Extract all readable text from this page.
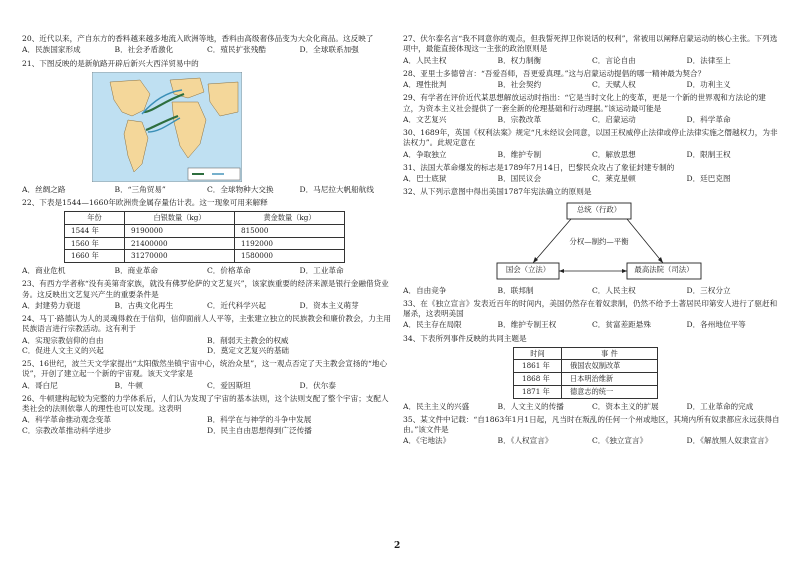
20、近代以来，产自东方的香料越来越多地流入欧洲等地，香料由高级奢侈品变为大众化商品。这反映了
A．民族国家形成	B．社会矛盾激化	C．殖民扩张残酷	D．全球联系加强
21、下图反映的是新航路开辟后新兴大西洋贸易中的
A．丝绸之路	B．“三角贸易”	C．全球物种大交换	D．马尼拉大帆船航线
22、下表是1544—1660年欧洲贵金属存量估计表。这一现象可用来解释
年份	白银数量（kg）	黄金数量（kg）
1544 年	9190000	815000
1560 年	21400000	1192000
1660 年	31270000	1580000
A．商业危机	B．商业革命	C．价格革命	D．工业革命
23、有西方学者称“没有美第奇家族，就没有佛罗伦萨的文艺复兴”，该家族重要的经济来源是银行金融借贷业务。这反映出文艺复兴产生的重要条件是
A．封建势力衰退	B．古典文化再生	C．近代科学兴起	D．资本主义萌芽
24、马丁·路德认为人的灵魂得救在于信仰，信仰面前人人平等，主张建立独立的民族教会和廉价教会，力主用民族语言进行宗教活动。这有利于
A．实现宗教信仰的自由	B．削弱天主教会的权威
C．促进人文主义的兴起	D．奠定文艺复兴的基础
25、16世纪，波兰天文学家提出“太阳傲然坐镇宇宙中心，统治众星”，这一观点否定了天主教会宣扬的“地心说”，开创了建立起一个新的宇宙观。该天文学家是
A．哥白尼	B．牛顿	C．爱因斯坦	D．伏尔泰
26、牛顿建构起较为完整的力学体系后，人们认为发现了宇宙的基本法则，这个法则支配了整个宇宙；支配人类社会的法则依靠人的理性也可以发现。这表明
A．科学革命推动观念变革	B．科学在与神学的斗争中发展
C．宗教改革推动科学进步	D．民主自由思想得到广泛传播
27、伏尔泰名言“我不同意你的观点，但我誓死捍卫你说话的权利”，常被用以阐释启蒙运动的核心主张。下列选项中，最能直接体现这一主张的政治原则是
A．人民主权	B．权力制衡	C．言论自由	D．法律至上
28、亚里士多德曾言：“吾爱吾师，吾更爱真理。”这与启蒙运动提倡的哪一精神最为契合？
A．理性批判	B．社会契约	C．天赋人权	D．功利主义
29、有学者在评价近代某思想解放运动时指出：“它是当时文化上的变革，更是一个新的世界观和方法论的建立，为资本主义社会提供了一套全新的伦理基础和行动理据。”该运动最可能是
A．文艺复兴	B．宗教改革	C．启蒙运动	D．科学革命
30、1689年，英国《权利法案》规定“凡未经议会同意，以国王权威停止法律或停止法律实施之僭越权力，为非法权力”。此规定意在
A．争取独立	B．维护专制	C．解放思想	D．限制王权
31、法国大革命爆发的标志是1789年7月14日，巴黎民众攻占了象征封建专制的
A．巴士底狱	B．国民议会	C．莱克星顿	D．廷巴克图
32、从下列示意图中得出美国1787年宪法确立的原则是
总统（行政）
国会（立法）	最高法院（司法）
分权—制约—平衡
A．自由竞争	B．联邦制	C．人民主权	D．三权分立
33、在《独立宣言》发表近百年的时间内，美国仍然存在着奴隶制，仍然不给予土著居民印第安人进行了驱赶和屠杀，这表明美国
A．民主存在局限	B．维护专制王权	C．贫富差距悬殊	D．各州地位平等
34、下表所列事件反映的共同主题是
时间	事 件
1861 年	俄国农奴制改革
1868 年	日本明治维新
1871 年	德意志的统一
A．民主主义的兴盛	B．人文主义的传播	C．资本主义的扩展	D．工业革命的完成
35、某文件中记载：“自1863年1月1日起，凡当时在叛乱的任何一个州或地区，其境内所有奴隶都应永远获得自由。”该文件是
A．《宅地法》	B．《人权宣言》	C．《独立宣言》	D．《解放黑人奴隶宣言》
2
